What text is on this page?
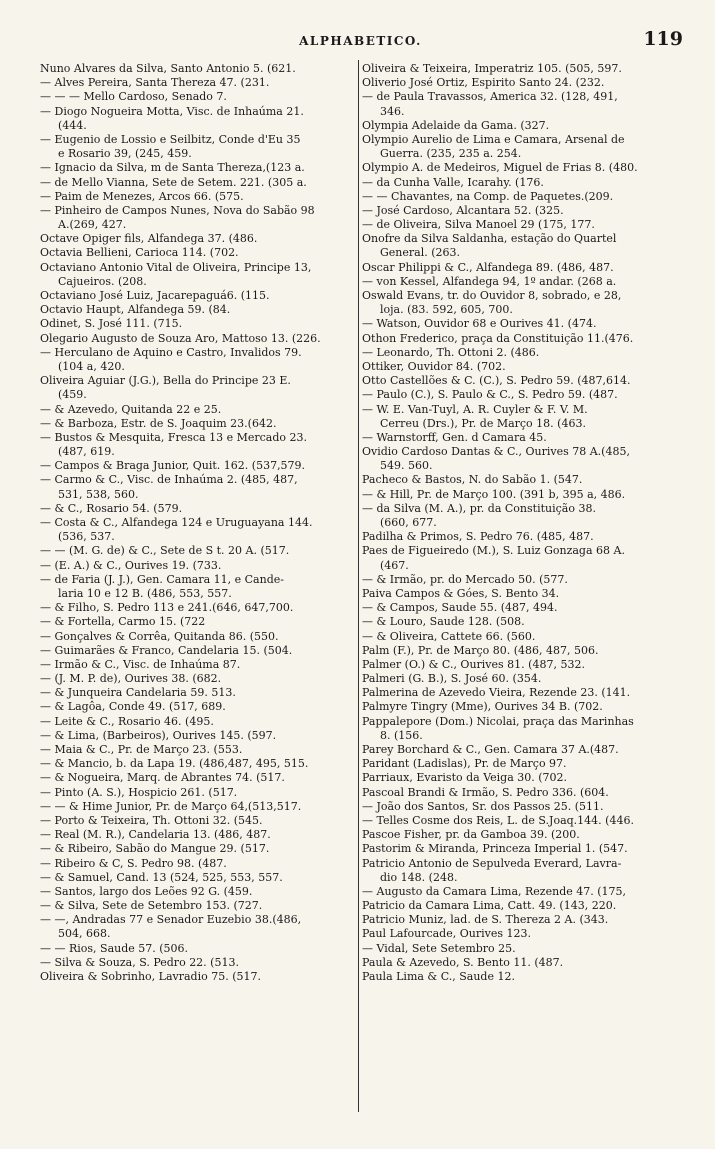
ALPHABETICO.	119
Nuno Alvares da Silva, Santo Antonio 5. (621.
— Alves Pereira, Santa Thereza 47. (231.
— — — Mello Cardoso, Senado 7.
— Diogo Nogueira Motta, Visc. de Inhaúma 21.
(444.
— Eugenio de Lossio e Seilbitz, Conde d'Eu 35
e Rosario 39, (245, 459.
— Ignacio da Silva, m de Santa Thereza,(123 a.
— de Mello Vianna, Sete de Setem. 221. (305 a.
— Paim de Menezes, Arcos 66. (575.
— Pinheiro de Campos Nunes, Nova do Sabão 98
A.(269, 427.
Octave Opiger fils, Alfandega 37. (486.
Octavia Bellieni, Carioca 114. (702.
Octaviano Antonio Vital de Oliveira, Principe 13,
Cajueiros. (208.
Octaviano José Luiz, Jacarepaguá6. (115.
Octavio Haupt, Alfandega 59. (84.
Odinet, S. José 111. (715.
Olegario Augusto de Souza Aro, Mattoso 13. (226.
— Herculano de Aquino e Castro, Invalidos 79.
(104 a, 420.
Oliveira Aguiar (J.G.), Bella do Principe 23 E.
(459.
— & Azevedo, Quitanda 22 e 25.
— & Barboza, Estr. de S. Joaquim 23.(642.
— Bustos & Mesquita, Fresca 13 e Mercado 23.
(487, 619.
— Campos & Braga Junior, Quit. 162. (537,579.
— Carmo & C., Visc. de Inhaúma 2. (485, 487,
531, 538, 560.
— & C., Rosario 54. (579.
— Costa & C., Alfandega 124 e Uruguayana 144.
(536, 537.
— — (M. G. de) & C., Sete de S t. 20 A. (517.
— (E. A.) & C., Ourives 19. (733.
— de Faria (J. J.), Gen. Camara 11, e Cande-
laria 10 e 12 B. (486, 553, 557.
— & Filho, S. Pedro 113 e 241.(646, 647,700.
— & Fortella, Carmo 15. (722
— Gonçalves & Corrêa, Quitanda 86. (550.
— Guimarães & Franco, Candelaria 15. (504.
— Irmão & C., Visc. de Inhaúma 87.
— (J. M. P. de), Ourives 38. (682.
— & Junqueira Candelaria 59. 513.
— & Lagôa, Conde 49. (517, 689.
— Leite & C., Rosario 46. (495.
— & Lima, (Barbeiros), Ourives 145. (597.
— Maia & C., Pr. de Março 23. (553.
— & Mancio, b. da Lapa 19. (486,487, 495, 515.
— & Nogueira, Marq. de Abrantes 74. (517.
— Pinto (A. S.), Hospicio 261. (517.
— — & Hime Junior, Pr. de Março 64,(513,517.
— Porto & Teixeira, Th. Ottoni 32. (545.
— Real (M. R.), Candelaria 13. (486, 487.
— & Ribeiro, Sabão do Mangue 29. (517.
— Ribeiro & C, S. Pedro 98. (487.
— & Samuel, Cand. 13 (524, 525, 553, 557.
— Santos, largo dos Leões 92 G. (459.
— & Silva, Sete de Setembro 153. (727.
— —, Andradas 77 e Senador Euzebio 38.(486,
504, 668.
— — Rios, Saude 57. (506.
— Silva & Souza, S. Pedro 22. (513.
Oliveira & Sobrinho, Lavradio 75. (517.
Oliveira & Teixeira, Imperatriz 105. (505, 597.
Oliverio José Ortiz, Espirito Santo 24. (232.
— de Paula Travassos, America 32. (128, 491,
346.
Olympia Adelaide da Gama. (327.
Olympio Aurelio de Lima e Camara, Arsenal de
Guerra. (235, 235 a. 254.
Olympio A. de Medeiros, Miguel de Frias 8. (480.
— da Cunha Valle, Icarahy. (176.
— — Chavantes, na Comp. de Paquetes.(209.
— José Cardoso, Alcantara 52. (325.
— de Oliveira, Silva Manoel 29 (175, 177.
Onofre da Silva Saldanha, estação do Quartel
General. (263.
Oscar Philippi & C., Alfandega 89. (486, 487.
— von Kessel, Alfandega 94, 1º andar. (268 a.
Oswald Evans, tr. do Ouvidor 8, sobrado, e 28,
loja. (83. 592, 605, 700.
— Watson, Ouvidor 68 e Ourives 41. (474.
Othon Frederico, praça da Constituição 11.(476.
— Leonardo, Th. Ottoni 2. (486.
Ottiker, Ouvidor 84. (702.
Otto Castellões & C. (C.), S. Pedro 59. (487,614.
— Paulo (C.), S. Paulo & C., S. Pedro 59. (487.
— W. E. Van-Tuyl, A. R. Cuyler & F. V. M.
Cerreu (Drs.), Pr. de Março 18. (463.
— Warnstorff, Gen. d Camara 45.
Ovidio Cardoso Dantas & C., Ourives 78 A.(485,
549. 560.
Pacheco & Bastos, N. do Sabão 1. (547.
— & Hill, Pr. de Março 100. (391 b, 395 a, 486.
— da Silva (M. A.), pr. da Constituição 38.
(660, 677.
Padilha & Primos, S. Pedro 76. (485, 487.
Paes de Figueiredo (M.), S. Luiz Gonzaga 68 A.
(467.
— & Irmão, pr. do Mercado 50. (577.
Paiva Campos & Góes, S. Bento 34.
— & Campos, Saude 55. (487, 494.
— & Louro, Saude 128. (508.
— & Oliveira, Cattete 66. (560.
Palm (F.), Pr. de Março 80. (486, 487, 506.
Palmer (O.) & C., Ourives 81. (487, 532.
Palmeri (G. B.), S. José 60. (354.
Palmerina de Azevedo Vieira, Rezende 23. (141.
Palmyre Tingry (Mme), Ourives 34 B. (702.
Pappalepore (Dom.) Nicolai, praça das Marinhas
8. (156.
Parey Borchard & C., Gen. Camara 37 A.(487.
Paridant (Ladislas), Pr. de Março 97.
Parriaux, Evaristo da Veiga 30. (702.
Pascoal Brandi & Irmão, S. Pedro 336. (604.
— João dos Santos, Sr. dos Passos 25. (511.
— Telles Cosme dos Reis, L. de S.Joaq.144. (446.
Pascoe Fisher, pr. da Gamboa 39. (200.
Pastorim & Miranda, Princeza Imperial 1. (547.
Patricio Antonio de Sepulveda Everard, Lavra-
dio 148. (248.
— Augusto da Camara Lima, Rezende 47. (175,
Patricio da Camara Lima, Catt. 49. (143, 220.
Patricio Muniz, lad. de S. Thereza 2 A. (343.
Paul Lafourcade, Ourives 123.
— Vidal, Sete Setembro 25.
Paula & Azevedo, S. Bento 11. (487.
Paula Lima & C., Saude 12.
